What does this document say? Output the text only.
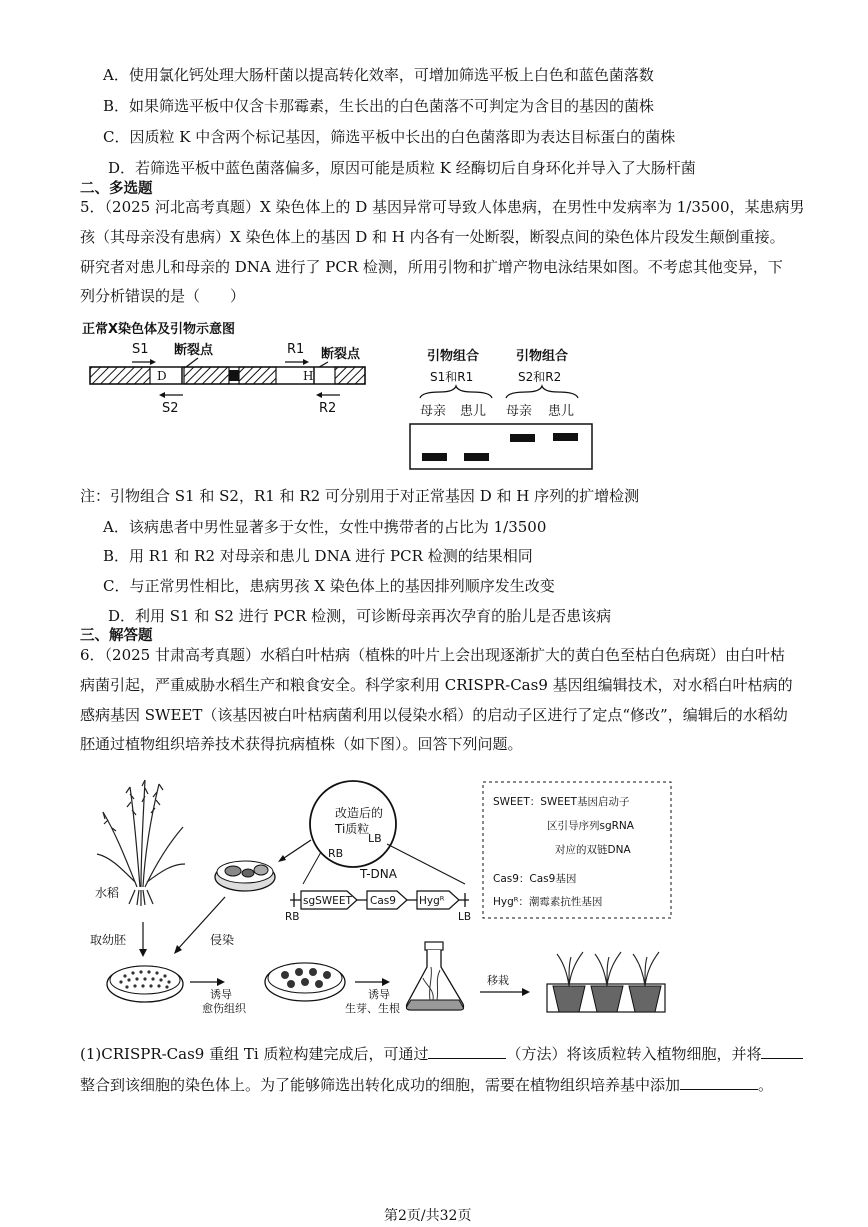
A．使用氯化钙处理大肠杆菌以提高转化效率，可增加筛选平板上白色和蓝色菌落数
B．如果筛选平板中仅含卡那霉素，生长出的白色菌落不可判定为含目的基因的菌株
C．因质粒 K 中含两个标记基因，筛选平板中长出的白色菌落即为表达目标蛋白的菌株
D．若筛选平板中蓝色菌落偏多，原因可能是质粒 K 经酶切后自身环化并导入了大肠杆菌
二、多选题
5．（2025 河北高考真题）X 染色体上的 D 基因异常可导致人体患病，在男性中发病率为 1/3500，某患病男
孩（其母亲没有患病）X 染色体上的基因 D 和 H 内各有一处断裂，断裂点间的染色体片段发生颠倒重接。
研究者对患儿和母亲的 DNA 进行了 PCR 检测，所用引物和扩增产物电泳结果如图。不考虑其他变异，下
列分析错误的是（　　）
正常X染色体及引物示意图
S1 断裂点	R1 断裂点
D	H
S2	R2
引物组合
S1和R1
引物组合
S2和R2
母亲 患儿 母亲 患儿
注：引物组合 S1 和 S2，R1 和 R2 可分别用于对正常基因 D 和 H 序列的扩增检测
A．该病患者中男性显著多于女性，女性中携带者的占比为 1/3500
B．用 R1 和 R2 对母亲和患儿 DNA 进行 PCR 检测的结果相同
C．与正常男性相比，患病男孩 X 染色体上的基因排列顺序发生改变
D．利用 S1 和 S2 进行 PCR 检测，可诊断母亲再次孕育的胎儿是否患该病
三、解答题
6．（2025 甘肃高考真题）水稻白叶枯病（植株的叶片上会出现逐渐扩大的黄白色至枯白色病斑）由白叶枯
病菌引起，严重威胁水稻生产和粮食安全。科学家利用 CRISPR-Cas9 基因组编辑技术，对水稻白叶枯病的
感病基因 SWEET（该基因被白叶枯病菌利用以侵染水稻）的启动子区进行了定点“修改”，编辑后的水稻幼
胚通过植物组织培养技术获得抗病植株（如下图）。回答下列问题。
水稻
改造后的
Ti质粒
RB
LB
T-DNA
sgSWEET Cas9 Hygᴿ
RB	LB
SWEET：SWEET基因启动子
区引导序列sgRNA
对应的双链DNA
Cas9：Cas9基因
Hygᴿ：潮霉素抗性基因
取幼胚	侵染
诱导
愈伤组织
诱导
生芽、生根
移栽
(1)CRISPR-Cas9 重组 Ti 质粒构建完成后，可通过	（方法）将该质粒转入植物细胞，并将
整合到该细胞的染色体上。为了能够筛选出转化成功的细胞，需要在植物组织培养基中添加	。
第2页/共32页
